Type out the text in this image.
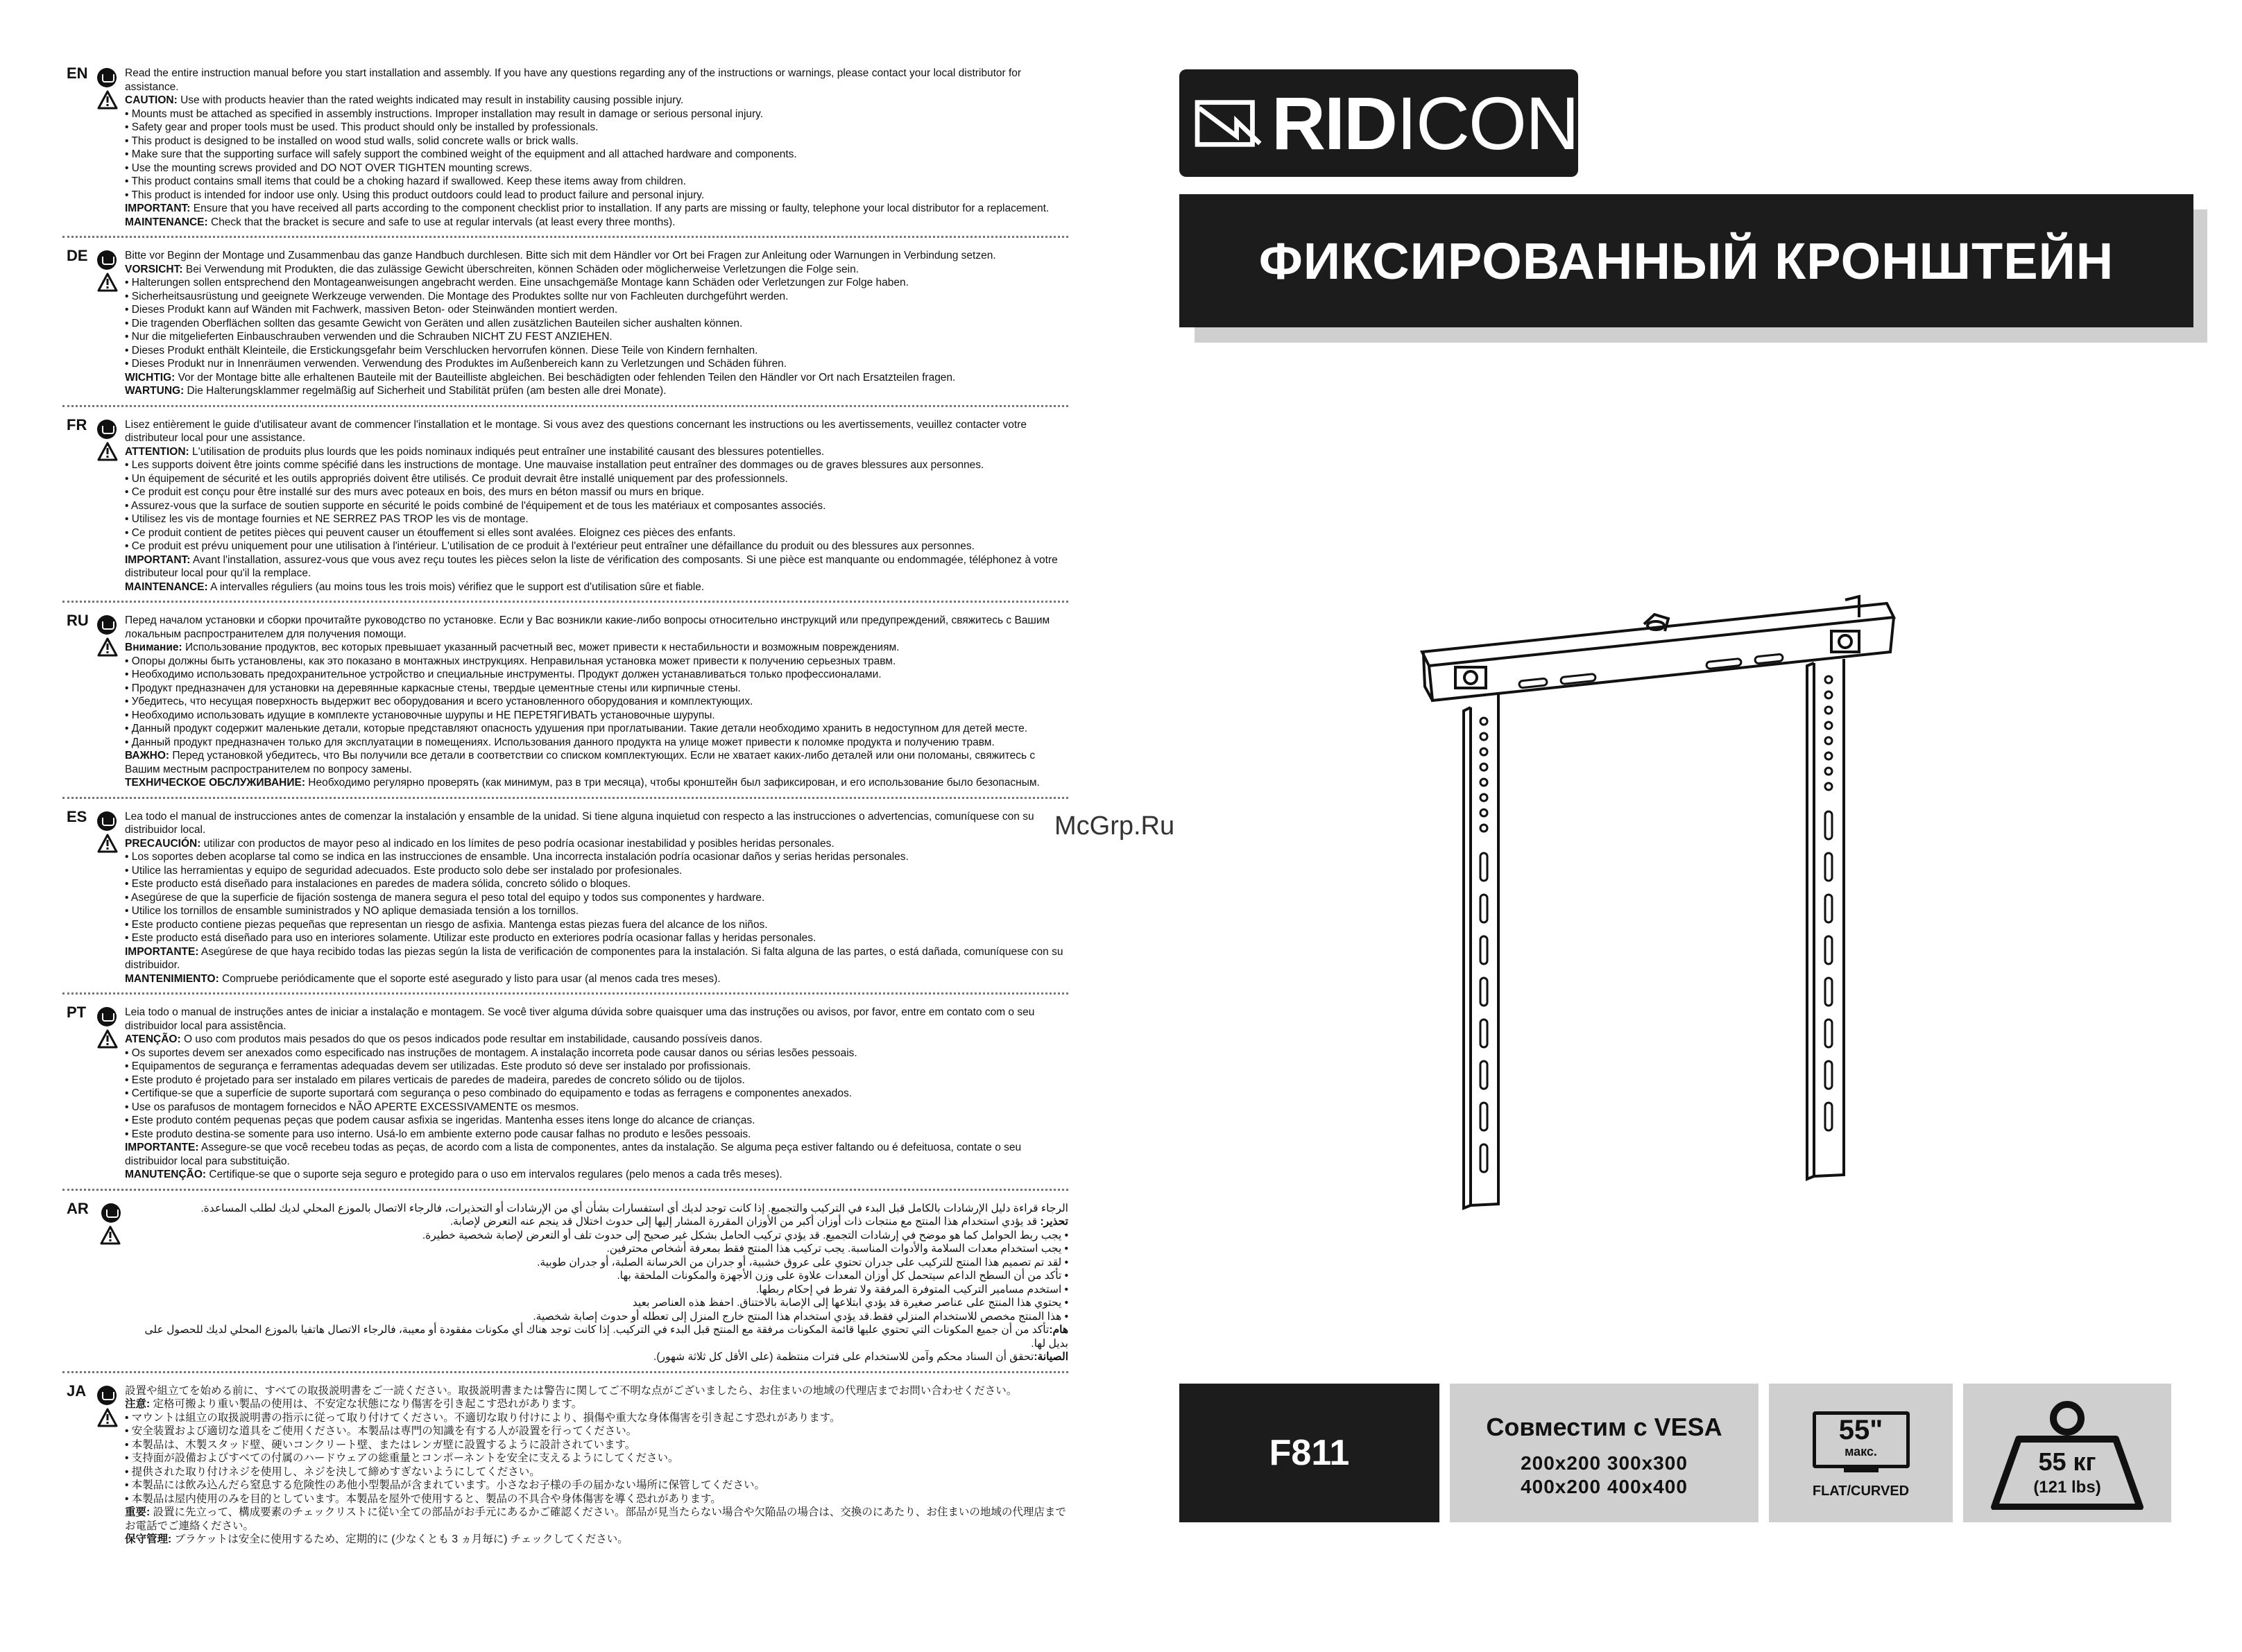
EN	Read the entire instruction manual before you start installation and assembly. If you have any questions regarding any of the instructions or warnings, please contact your local distributor for assistance.

CAUTION: Use with products heavier than the rated weights indicated may result in instability causing possible injury.

• Mounts must be attached as specified in assembly instructions. Improper installation may result in damage or serious personal injury.

• Safety gear and proper tools must be used. This product should only be installed by professionals.

• This product is designed to be installed on wood stud walls, solid concrete walls or brick walls.

• Make sure that the supporting surface will safely support the combined weight of the equipment and all attached hardware and components.

• Use the mounting screws provided and DO NOT OVER TIGHTEN mounting screws.

• This product contains small items that could be a choking hazard if swallowed. Keep these items away from children.

• This product is intended for indoor use only. Using this product outdoors could lead to product failure and personal injury.

IMPORTANT: Ensure that you have received all parts according to the component checklist prior to installation. If any parts are missing or faulty, telephone your local distributor for a replacement.

MAINTENANCE: Check that the bracket is secure and safe to use at regular intervals (at least every three months).

DE	Bitte vor Beginn der Montage und Zusammenbau das ganze Handbuch durchlesen. Bitte sich mit dem Händler vor Ort bei Fragen zur Anleitung oder Warnungen in Verbindung setzen.

VORSICHT: Bei Verwendung mit Produkten, die das zulässige Gewicht überschreiten, können Schäden oder möglicherweise Verletzungen die Folge sein.

• Halterungen sollen entsprechend den Montageanweisungen angebracht werden. Eine unsachgemäße Montage kann Schäden oder Verletzungen zur Folge haben.

• Sicherheitsausrüstung und geeignete Werkzeuge verwenden. Die Montage des Produktes sollte nur von Fachleuten durchgeführt werden.

• Dieses Produkt kann auf Wänden mit Fachwerk, massiven Beton- oder Steinwänden montiert werden.

• Die tragenden Oberflächen sollten das gesamte Gewicht von Geräten und allen zusätzlichen Bauteilen sicher aushalten können.

• Nur die mitgelieferten Einbauschrauben verwenden und die Schrauben NICHT ZU FEST ANZIEHEN.

• Dieses Produkt enthält Kleinteile, die Erstickungsgefahr beim Verschlucken hervorrufen können. Diese Teile von Kindern fernhalten.

• Dieses Produkt nur in Innenräumen verwenden. Verwendung des Produktes im Außenbereich kann zu Verletzungen und Schäden führen.

WICHTIG: Vor der Montage bitte alle erhaltenen Bauteile mit der Bauteilliste abgleichen. Bei beschädigten oder fehlenden Teilen den Händler vor Ort nach Ersatzteilen fragen.

WARTUNG: Die Halterungsklammer regelmäßig auf Sicherheit und Stabilität prüfen (am besten alle drei Monate).

FR	Lisez entièrement le guide d'utilisateur avant de commencer l'installation et le montage. Si vous avez des questions concernant les instructions ou les avertissements, veuillez contacter votre distributeur local pour une assistance.

ATTENTION: L'utilisation de produits plus lourds que les poids nominaux indiqués peut entraîner une instabilité causant des blessures potentielles.

• Les supports doivent être joints comme spécifié dans les instructions de montage. Une mauvaise installation peut entraîner des dommages ou de graves blessures aux personnes.

• Un équipement de sécurité et les outils appropriés doivent être utilisés. Ce produit devrait être installé uniquement par des professionnels.

• Ce produit est conçu pour être installé sur des murs avec poteaux en bois, des murs en béton massif ou murs en brique.

• Assurez-vous que la surface de soutien supporte en sécurité le poids combiné de l'équipement et de tous les matériaux et composantes associés.

• Utilisez les vis de montage fournies et NE SERREZ PAS TROP les vis de montage.

• Ce produit contient de petites pièces qui peuvent causer un étouffement si elles sont avalées. Eloignez ces pièces des enfants.

• Ce produit est prévu uniquement pour une utilisation à l'intérieur. L'utilisation de ce produit à l'extérieur peut entraîner une défaillance du produit ou des blessures aux personnes.

IMPORTANT: Avant l'installation, assurez-vous que vous avez reçu toutes les pièces selon la liste de vérification des composants. Si une pièce est manquante ou endommagée, téléphonez à votre distributeur local pour qu'il la remplace.

MAINTENANCE: A intervalles réguliers (au moins tous les trois mois) vérifiez que le support est d'utilisation sûre et fiable.

RU	Перед началом установки и сборки прочитайте руководство по установке. Если у Вас возникли какие-либо вопросы относительно инструкций или предупреждений, свяжитесь с Вашим локальным распространителем для получения помощи.

Внимание: Использование продуктов, вес которых превышает указанный расчетный вес, может привести к нестабильности и возможным повреждениям.

• Опоры должны быть установлены, как это показано в монтажных инструкциях. Неправильная установка может привести к получению серьезных травм.

• Необходимо использовать предохранительное устройство и специальные инструменты. Продукт должен устанавливаться только профессионалами.

• Продукт предназначен для установки на деревянные каркасные стены, твердые цементные стены или кирпичные стены.

• Убедитесь, что несущая поверхность выдержит вес оборудования и всего установленного оборудования и комплектующих.

• Необходимо использовать идущие в комплекте установочные шурупы и НЕ ПЕРЕТЯГИВАТЬ установочные шурупы.

• Данный продукт содержит маленькие детали, которые представляют опасность удушения при проглатывании. Такие детали необходимо хранить в недоступном для детей месте.

• Данный продукт предназначен только для эксплуатации в помещениях. Использования данного продукта на улице может привести к поломке продукта и получению травм.

ВАЖНО: Перед установкой убедитесь, что Вы получили все детали в соответствии со списком комплектующих. Если не хватает каких-либо деталей или они поломаны, свяжитесь с Вашим местным распространителем по вопросу замены.

ТЕХНИЧЕСКОЕ ОБСЛУЖИВАНИЕ: Необходимо регулярно проверять (как минимум, раз в три месяца), чтобы кронштейн был зафиксирован, и его использование было безопасным.

ES	Lea todo el manual de instrucciones antes de comenzar la instalación y ensamble de la unidad. Si tiene alguna inquietud con respecto a las instrucciones o advertencias, comuníquese con su distribuidor local.

PRECAUCIÓN: utilizar con productos de mayor peso al indicado en los límites de peso podría ocasionar inestabilidad y posibles heridas personales.

• Los soportes deben acoplarse tal como se indica en las instrucciones de ensamble. Una incorrecta instalación podría ocasionar daños y serias heridas personales.

• Utilice las herramientas y equipo de seguridad adecuados. Este producto solo debe ser instalado por profesionales.

• Este producto está diseñado para instalaciones en paredes de madera sólida, concreto sólido o bloques.

• Asegúrese de que la superficie de fijación sostenga de manera segura el peso total del equipo y todos sus componentes y hardware.

• Utilice los tornillos de ensamble suministrados y NO aplique demasiada tensión a los tornillos.

• Este producto contiene piezas pequeñas que representan un riesgo de asfixia. Mantenga estas piezas fuera del alcance de los niños.

• Este producto está diseñado para uso en interiores solamente. Utilizar este producto en exteriores podría ocasionar fallas y heridas personales.

IMPORTANTE: Asegúrese de que haya recibido todas las piezas según la lista de verificación de componentes para la instalación. Si falta alguna de las partes, o está dañada, comuníquese con su distribuidor.

MANTENIMIENTO: Compruebe periódicamente que el soporte esté asegurado y listo para usar (al menos cada tres meses).

PT	Leia todo o manual de instruções antes de iniciar a instalação e montagem. Se você tiver alguma dúvida sobre quaisquer uma das instruções ou avisos, por favor, entre em contato com o seu distribuidor local para assistência.

ATENÇÃO: O uso com produtos mais pesados do que os pesos indicados pode resultar em instabilidade, causando possíveis danos.

• Os suportes devem ser anexados como especificado nas instruções de montagem. A instalação incorreta pode causar danos ou sérias lesões pessoais.

• Equipamentos de segurança e ferramentas adequadas devem ser utilizadas. Este produto só deve ser instalado por profissionais.

• Este produto é projetado para ser instalado em pilares verticais de paredes de madeira, paredes de concreto sólido ou de tijolos.

• Certifique-se que a superfície de suporte suportará com segurança o peso combinado do equipamento e todas as ferragens e componentes anexados.

• Use os parafusos de montagem fornecidos e NÃO APERTE EXCESSIVAMENTE os mesmos.

• Este produto contém pequenas peças que podem causar asfixia se ingeridas. Mantenha esses itens longe do alcance de crianças.

• Este produto destina-se somente para uso interno. Usá-lo em ambiente externo pode causar falhas no produto e lesões pessoais.

IMPORTANTE: Assegure-se que você recebeu todas as peças, de acordo com a lista de componentes, antes da instalação. Se alguma peça estiver faltando ou é defeituosa, contate o seu distribuidor local para substituição.

MANUTENÇÃO: Certifique-se que o suporte seja seguro e protegido para o uso em intervalos regulares (pelo menos a cada três meses).

AR	الرجاء قراءة دليل الإرشادات بالكامل قبل البدء في التركيب والتجميع. إذا كانت توجد لديك أي استفسارات بشأن أي من الإرشادات أو التحذيرات، فالرجاء الاتصال بالموزع المحلي لديك لطلب المساعدة.

تحذير: قد يؤدي استخدام هذا المنتج مع منتجات ذات أوزان أكبر من الأوزان المقررة المشار إليها إلى حدوث اختلال قد ينجم عنه التعرض لإصابة.

• يجب ربط الحوامل كما هو موضح في إرشادات التجميع. قد يؤدي تركيب الحامل بشكل غير صحيح إلى حدوث تلف أو التعرض لإصابة شخصية خطيرة.

• يجب استخدام معدات السلامة والأدوات المناسبة. يجب تركيب هذا المنتج فقط بمعرفة أشخاص محترفين.

• لقد تم تصميم هذا المنتج للتركيب على جدران تحتوي على عروق خشبية، أو جدران من الخرسانة الصلبة، أو جدران طوبية.

• تأكد من أن السطح الداعم سيتحمل كل أوزان المعدات علاوة على وزن الأجهزة والمكونات الملحقة بها.

• استخدم مسامير التركيب المتوفرة المرفقة ولا تفرط في إحكام ربطها.

• يحتوي هذا المنتج على عناصر صغيرة قد يؤدي ابتلاعها إلى الإصابة بالاختناق. احفظ هذه العناصر بعيد

• هذا المنتج مخصص للاستخدام المنزلي فقط.قد يؤدي استخدام هذا المنتج خارج المنزل إلى تعطله أو حدوث إصابة شخصية.

هام:تأكد من أن جميع المكونات التي تحتوي عليها قائمة المكونات مرفقة مع المنتج قبل البدء في التركيب. إذا كانت توجد هناك أي مكونات مفقودة أو معيبة، فالرجاء الاتصال هاتفيا بالموزع المحلي لديك للحصول على بديل لها.

الصيانة:تحقق أن السناد محكم وآمن للاستخدام على فترات منتظمة (على الأقل كل ثلاثة شهور).

JA	設置や組立てを始める前に、すべての取扱説明書をご一読ください。取扱説明書または警告に関してご不明な点がございましたら、お住まいの地域の代理店までお問い合わせください。

注意: 定格可搬より重い製品の使用は、不安定な状態になり傷害を引き起こす恐れがあります。

• マウントは組立の取扱説明書の指示に従って取り付けてください。不適切な取り付けにより、損傷や重大な身体傷害を引き起こす恐れがあります。

• 安全装置および適切な道具をご使用ください。本製品は専門の知識を有する人が設置を行ってください。

• 本製品は、木製スタッド壁、硬いコンクリート壁、またはレンガ壁に設置するように設計されています。

• 支持面が設備およびすべての付属のハードウェアの総重量とコンポーネントを安全に支えるようにしてください。

• 提供された取り付けネジを使用し、ネジを決して締めすぎないようにしてください。

• 本製品には飲み込んだら窒息する危険性のあ他小型製品が含まれています。小さなお子様の手の届かない場所に保管してください。

• 本製品は屋内使用のみを目的としています。本製品を屋外で使用すると、製品の不具合や身体傷害を導く恐れがあります。

重要: 設置に先立って、構成要素のチェックリストに従い全ての部品がお手元にあるかご確認ください。部品が見当たらない場合や欠陥品の場合は、交換のにあたり、お住まいの地域の代理店までお電話でご連絡ください。

保守管理: ブラケットは安全に使用するため、定期的に (少なくとも 3 ヵ月毎に) チェックしてください。

RIDICON
ФИКСИРОВАННЫЙ КРОНШТЕЙН
F811
Совместим с VESA
200x200 300x300
400x200 400x400
55"
макс.
FLAT/CURVED
55 кг
(121 lbs)
McGrp.Ru
